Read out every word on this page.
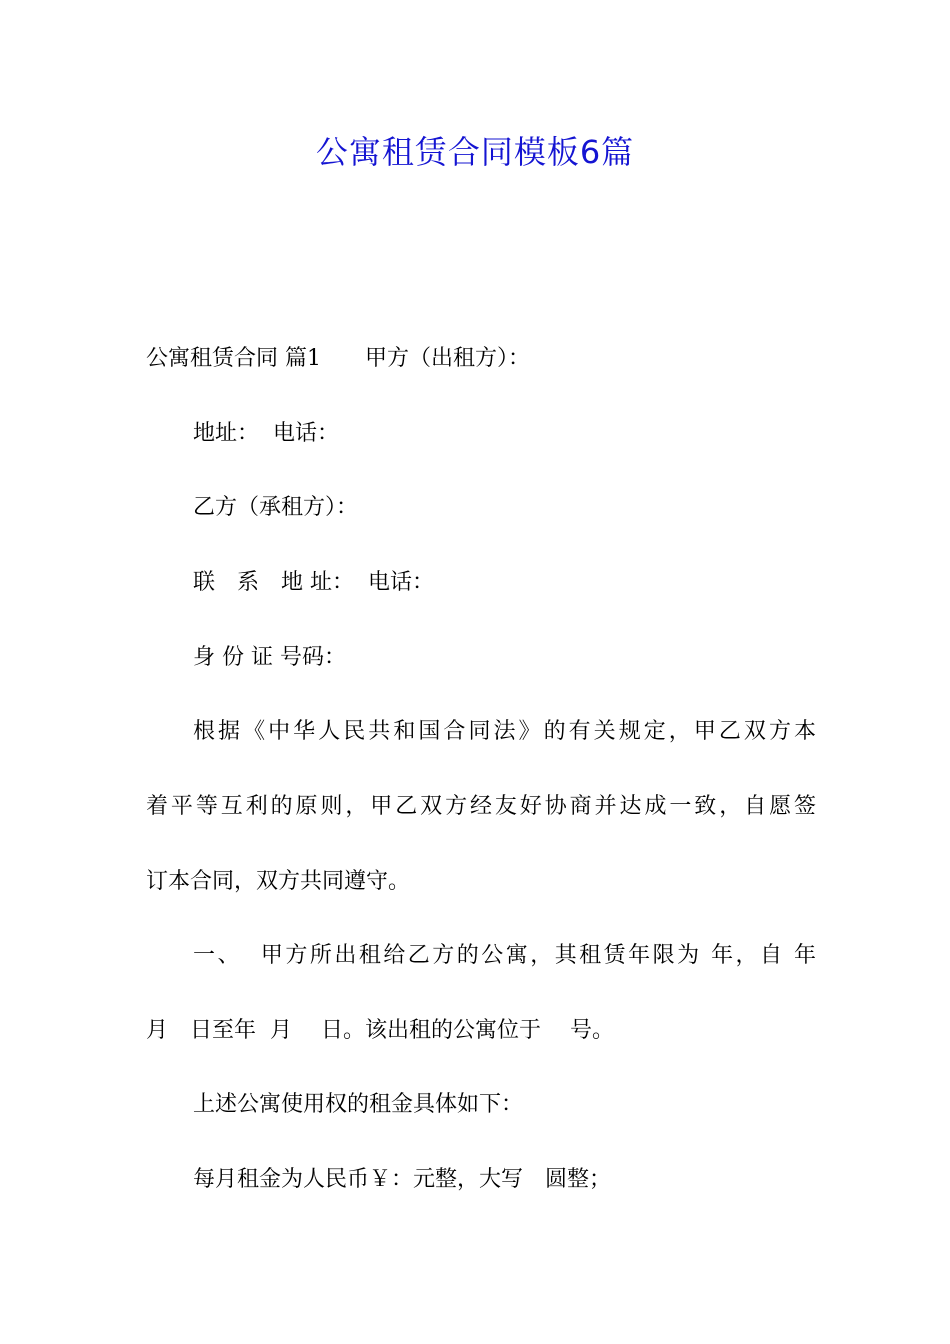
公寓租赁合同模板6篇

公寓租赁合同 篇1　　甲方（出租方）：

地址：  电话：

乙方（承租方）：

联　系　地 址：  电话：

身 份 证 号码：

根据《中华人民共和国合同法》的有关规定，甲乙双方本

着平等互利的原则，甲乙双方经友好协商并达成一致，自愿签

订本合同，双方共同遵守。

一、  甲方所出租给乙方的公寓，其租赁年限为 年，自 年

月　日至年  月　 日。该出租的公寓位于　 号。

上述公寓使用权的租金具体如下：

每月租金为人民币￥：元整，大写　圆整；
